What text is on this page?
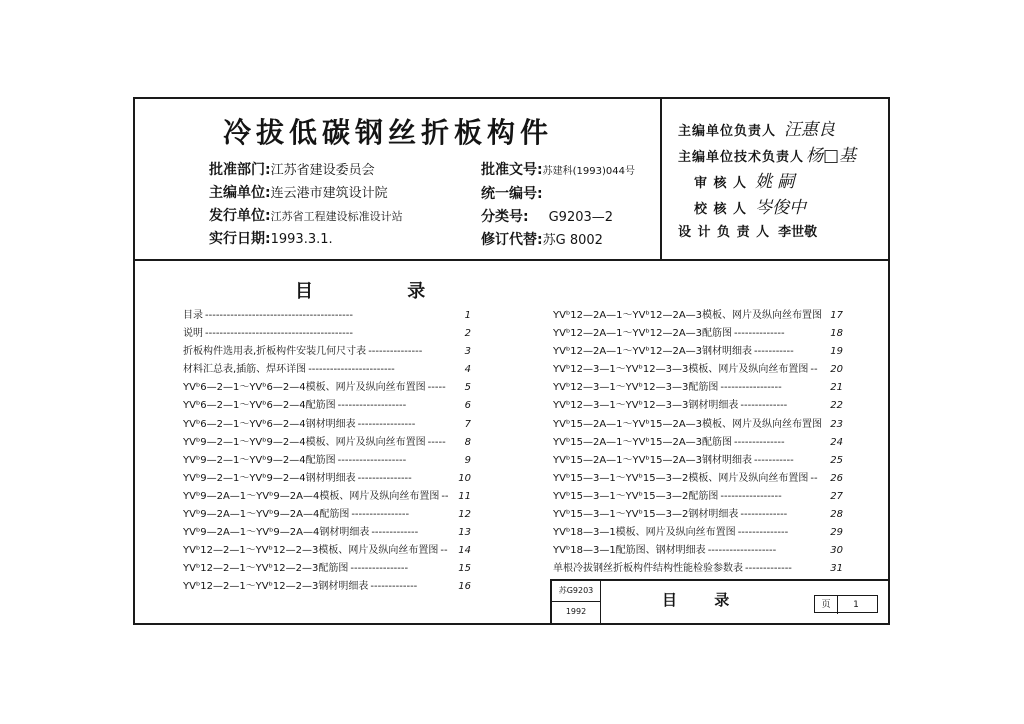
冷拔低碳钢丝折板构件
批准部门:江苏省建设委员会
主编单位:连云港市建筑设计院
发行单位:江苏省工程建设标准设计站
实行日期:1993.3.1.
批准文号:苏建科(1993)044号
统一编号:
分类号: G9203—2
修订代替:苏G 8002
主编单位负责人 汪惠良
主编单位技术负责人 杨□基
审 核 人 姚 嗣
校 核 人 岑俊中
设 计 负 责 人 李世敬
目 录
目录 -----------------------------------------	1
说明 -----------------------------------------	2
折板构件选用表,折板构件安装几何尺寸表 ---------------	3
材料汇总表,插筋、焊环详图 ------------------------	4
YVᵇ6—2—1～YVᵇ6—2—4模板、网片及纵向丝布置图 ----- 5
YVᵇ6—2—1～YVᵇ6—2—4配筋图 -------------------	6
YVᵇ6—2—1～YVᵇ6—2—4钢材明细表 ----------------	7
YVᵇ9—2—1～YVᵇ9—2—4模板、网片及纵向丝布置图 ----- 8
YVᵇ9—2—1～YVᵇ9—2—4配筋图 -------------------	9
YVᵇ9—2—1～YVᵇ9—2—4钢材明细表 ---------------	10
YVᵇ9—2A—1～YVᵇ9—2A—4模板、网片及纵向丝布置图 -- 11
YVᵇ9—2A—1～YVᵇ9—2A—4配筋图 ----------------	12
YVᵇ9—2A—1～YVᵇ9—2A—4钢材明细表 -------------	13
YVᵇ12—2—1～YVᵇ12—2—3模板、网片及纵向丝布置图 -- 14
YVᵇ12—2—1～YVᵇ12—2—3配筋图 ----------------	15
YVᵇ12—2—1～YVᵇ12—2—3钢材明细表 -------------	16
YVᵇ12—2A—1～YVᵇ12—2A—3模板、网片及纵向丝布置图 17
YVᵇ12—2A—1～YVᵇ12—2A—3配筋图 --------------	18
YVᵇ12—2A—1～YVᵇ12—2A—3钢材明细表 -----------	19
YVᵇ12—3—1～YVᵇ12—3—3模板、网片及纵向丝布置图 -- 20
YVᵇ12—3—1～YVᵇ12—3—3配筋图 -----------------	21
YVᵇ12—3—1～YVᵇ12—3—3钢材明细表 -------------	22
YVᵇ15—2A—1～YVᵇ15—2A—3模板、网片及纵向丝布置图 23
YVᵇ15—2A—1～YVᵇ15—2A—3配筋图 --------------	24
YVᵇ15—2A—1～YVᵇ15—2A—3钢材明细表 -----------	25
YVᵇ15—3—1～YVᵇ15—3—2模板、网片及纵向丝布置图 -- 26
YVᵇ15—3—1～YVᵇ15—3—2配筋图 -----------------	27
YVᵇ15—3—1～YVᵇ15—3—2钢材明细表 -------------	28
YVᵇ18—3—1模板、网片及纵向丝布置图 --------------	29
YVᵇ18—3—1配筋图、钢材明细表 -------------------	30
单根冷拔钢丝折板构件结构性能检验参数表 -------------	31
苏G9203
1992
目 录	页	1
